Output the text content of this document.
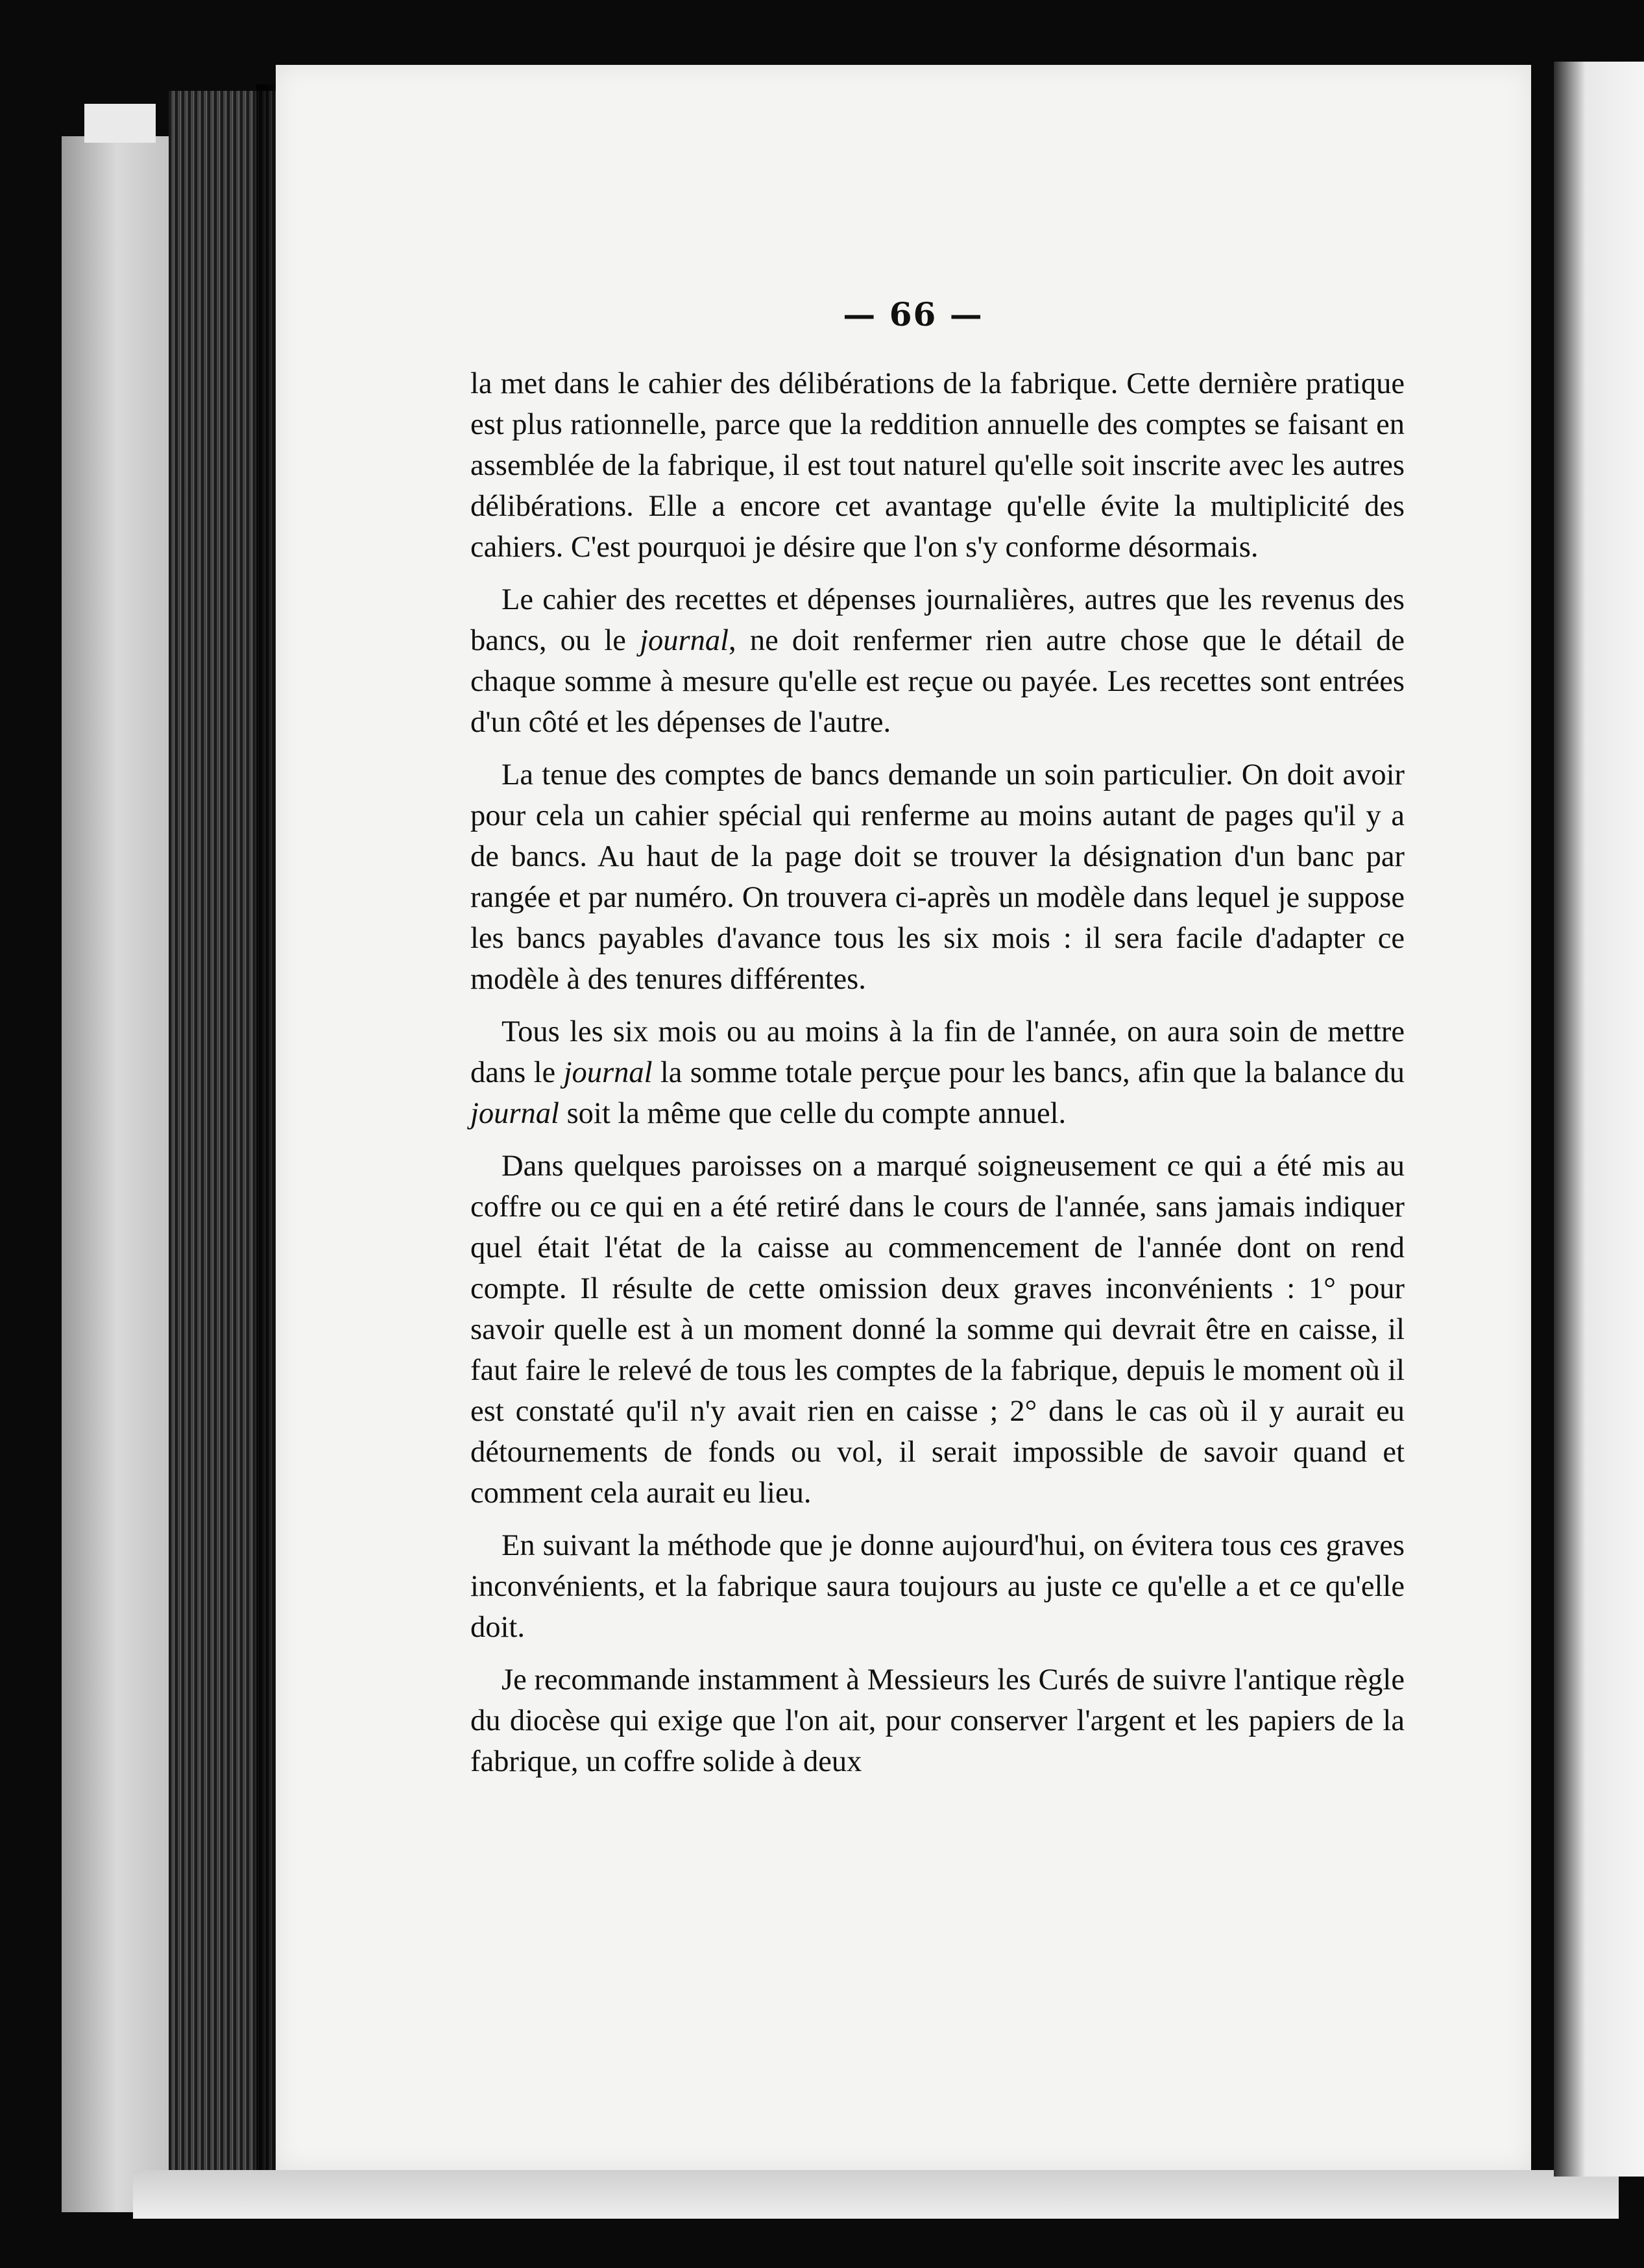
— 66 —

la met dans le cahier des délibérations de la fabrique. Cette dernière pratique est plus rationnelle, parce que la reddition annuelle des comptes se faisant en assemblée de la fabrique, il est tout naturel qu'elle soit inscrite avec les autres délibérations. Elle a encore cet avantage qu'elle évite la multiplicité des cahiers. C'est pourquoi je désire que l'on s'y conforme désormais.

Le cahier des recettes et dépenses journalières, autres que les revenus des bancs, ou le journal, ne doit renfermer rien autre chose que le détail de chaque somme à mesure qu'elle est reçue ou payée. Les recettes sont entrées d'un côté et les dépenses de l'autre.

La tenue des comptes de bancs demande un soin particulier. On doit avoir pour cela un cahier spécial qui renferme au moins autant de pages qu'il y a de bancs. Au haut de la page doit se trouver la désignation d'un banc par rangée et par numéro. On trouvera ci-après un modèle dans lequel je suppose les bancs payables d'avance tous les six mois : il sera facile d'adapter ce modèle à des tenures différentes.

Tous les six mois ou au moins à la fin de l'année, on aura soin de mettre dans le journal la somme totale perçue pour les bancs, afin que la balance du journal soit la même que celle du compte annuel.

Dans quelques paroisses on a marqué soigneusement ce qui a été mis au coffre ou ce qui en a été retiré dans le cours de l'année, sans jamais indiquer quel était l'état de la caisse au commencement de l'année dont on rend compte. Il résulte de cette omission deux graves inconvénients : 1° pour savoir quelle est à un moment donné la somme qui devrait être en caisse, il faut faire le relevé de tous les comptes de la fabrique, depuis le moment où il est constaté qu'il n'y avait rien en caisse ; 2° dans le cas où il y aurait eu détournements de fonds ou vol, il serait impossible de savoir quand et comment cela aurait eu lieu.

En suivant la méthode que je donne aujourd'hui, on évitera tous ces graves inconvénients, et la fabrique saura toujours au juste ce qu'elle a et ce qu'elle doit.

Je recommande instamment à Messieurs les Curés de suivre l'antique règle du diocèse qui exige que l'on ait, pour conserver l'argent et les papiers de la fabrique, un coffre solide à deux
